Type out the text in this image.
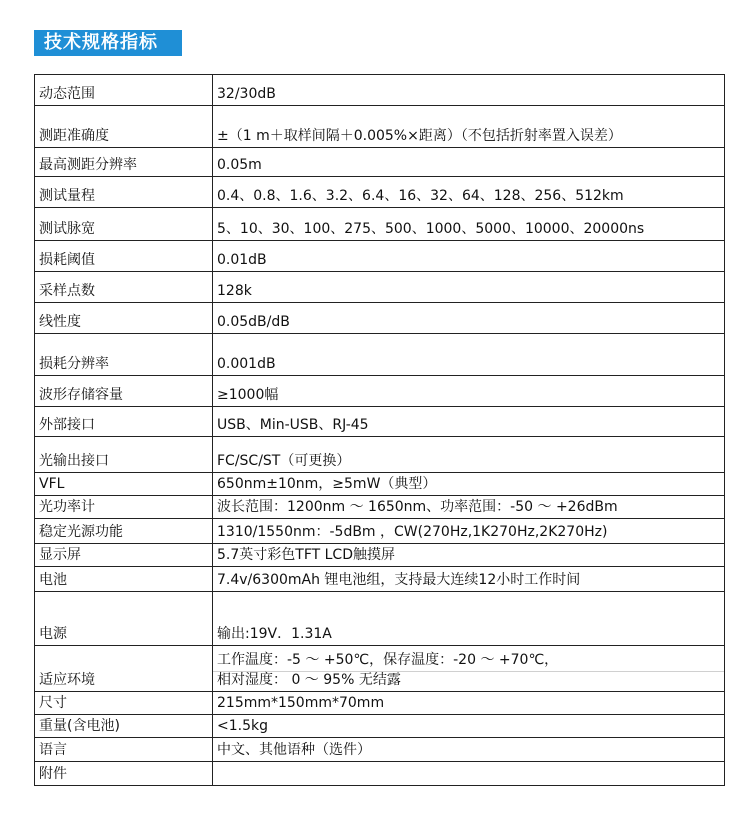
技术规格指标
动态范围	32/30dB
测距准确度	±（1 m＋取样间隔＋0.005%×距离）（不包括折射率置入误差）
最高测距分辨率	0.05m
测试量程	0.4、0.8、1.6、3.2、6.4、16、32、64、128、256、512km
测试脉宽	5、10、30、100、275、500、1000、5000、10000、20000ns
损耗阈值	0.01dB
采样点数	128k
线性度	0.05dB/dB
损耗分辨率	0.001dB
波形存储容量	≥1000幅
外部接口	USB、Min-USB、RJ-45
光输出接口	FC/SC/ST（可更换）
VFL	650nm±10nm，≥5mW（典型）
光功率计	波长范围：1200nm ～ 1650nm、功率范围：-50 ～ +26dBm
稳定光源功能	1310/1550nm：-5dBm ，CW(270Hz,1K270Hz,2K270Hz)
显示屏	5.7英寸彩色TFT LCD触摸屏
电池	7.4v/6300mAh 锂电池组，支持最大连续12小时工作时间
电源	输出:19V．1.31A
适应环境	工作温度：-5 ～ +50℃，保存温度：-20 ～ +70℃，
相对湿度： 0 ～ 95% 无结露

尺寸	215mm*150mm*70mm
重量(含电池)	<1.5kg
语言	中文、其他语种（选件）
附件	
